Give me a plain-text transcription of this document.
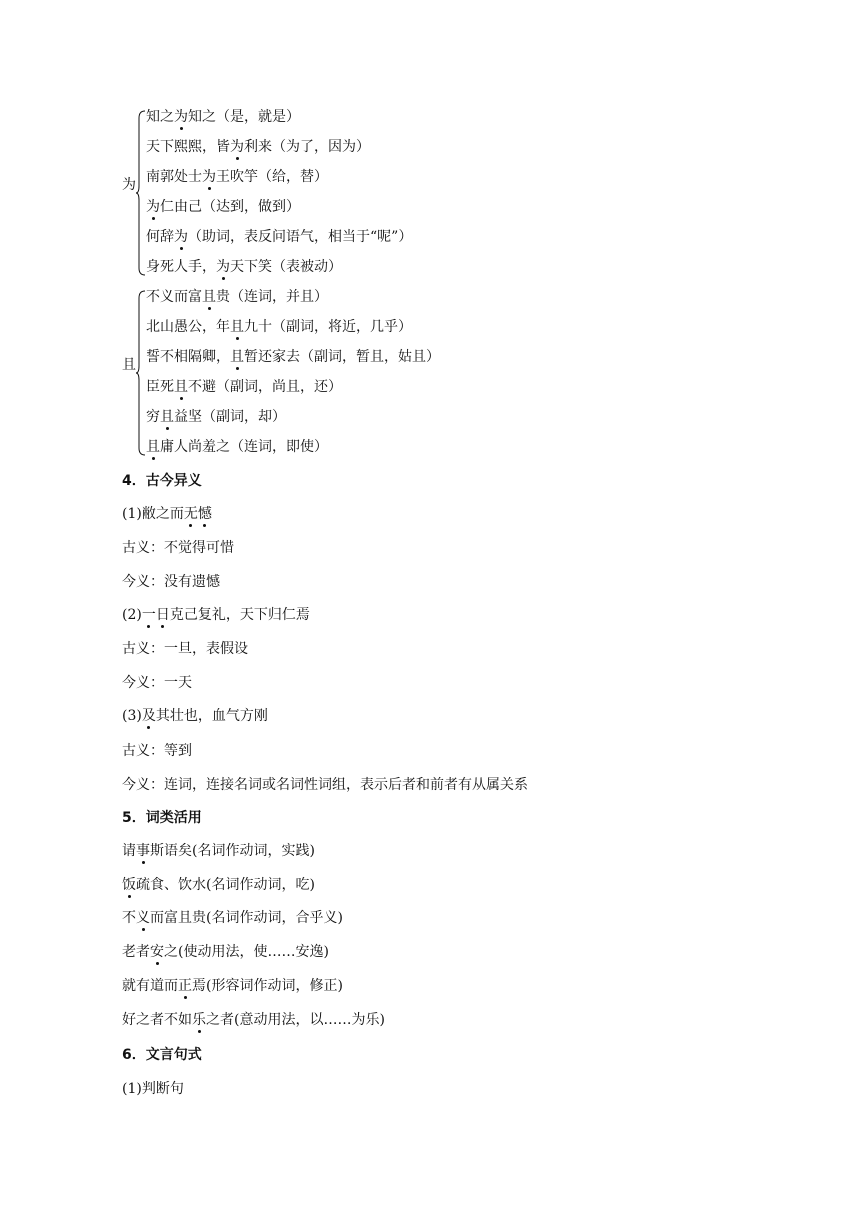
为
知之为知之（是，就是）
天下熙熙，皆为利来（为了，因为）
南郭处士为王吹竽（给，替）
为仁由己（达到，做到）
何辞为（助词，表反问语气，相当于“呢”）
身死人手，为天下笑（表被动）
且
不义而富且贵（连词，并且）
北山愚公，年且九十（副词，将近，几乎）
誓不相隔卿，且暂还家去（副词，暂且，姑且）
臣死且不避（副词，尚且，还）
穷且益坚（副词，却）
且庸人尚羞之（连词，即使）
4．古今异义
(1)敝之而无憾
古义：不觉得可惜
今义：没有遗憾
(2)一日克己复礼，天下归仁焉
古义：一旦，表假设
今义：一天
(3)及其壮也，血气方刚
古义：等到
今义：连词，连接名词或名词性词组，表示后者和前者有从属关系
5．词类活用
请事斯语矣(名词作动词，实践)
饭疏食、饮水(名词作动词，吃)
不义而富且贵(名词作动词，合乎义)
老者安之(使动用法，使……安逸)
就有道而正焉(形容词作动词，修正)
好之者不如乐之者(意动用法，以……为乐)
6．文言句式
(1)判断句
